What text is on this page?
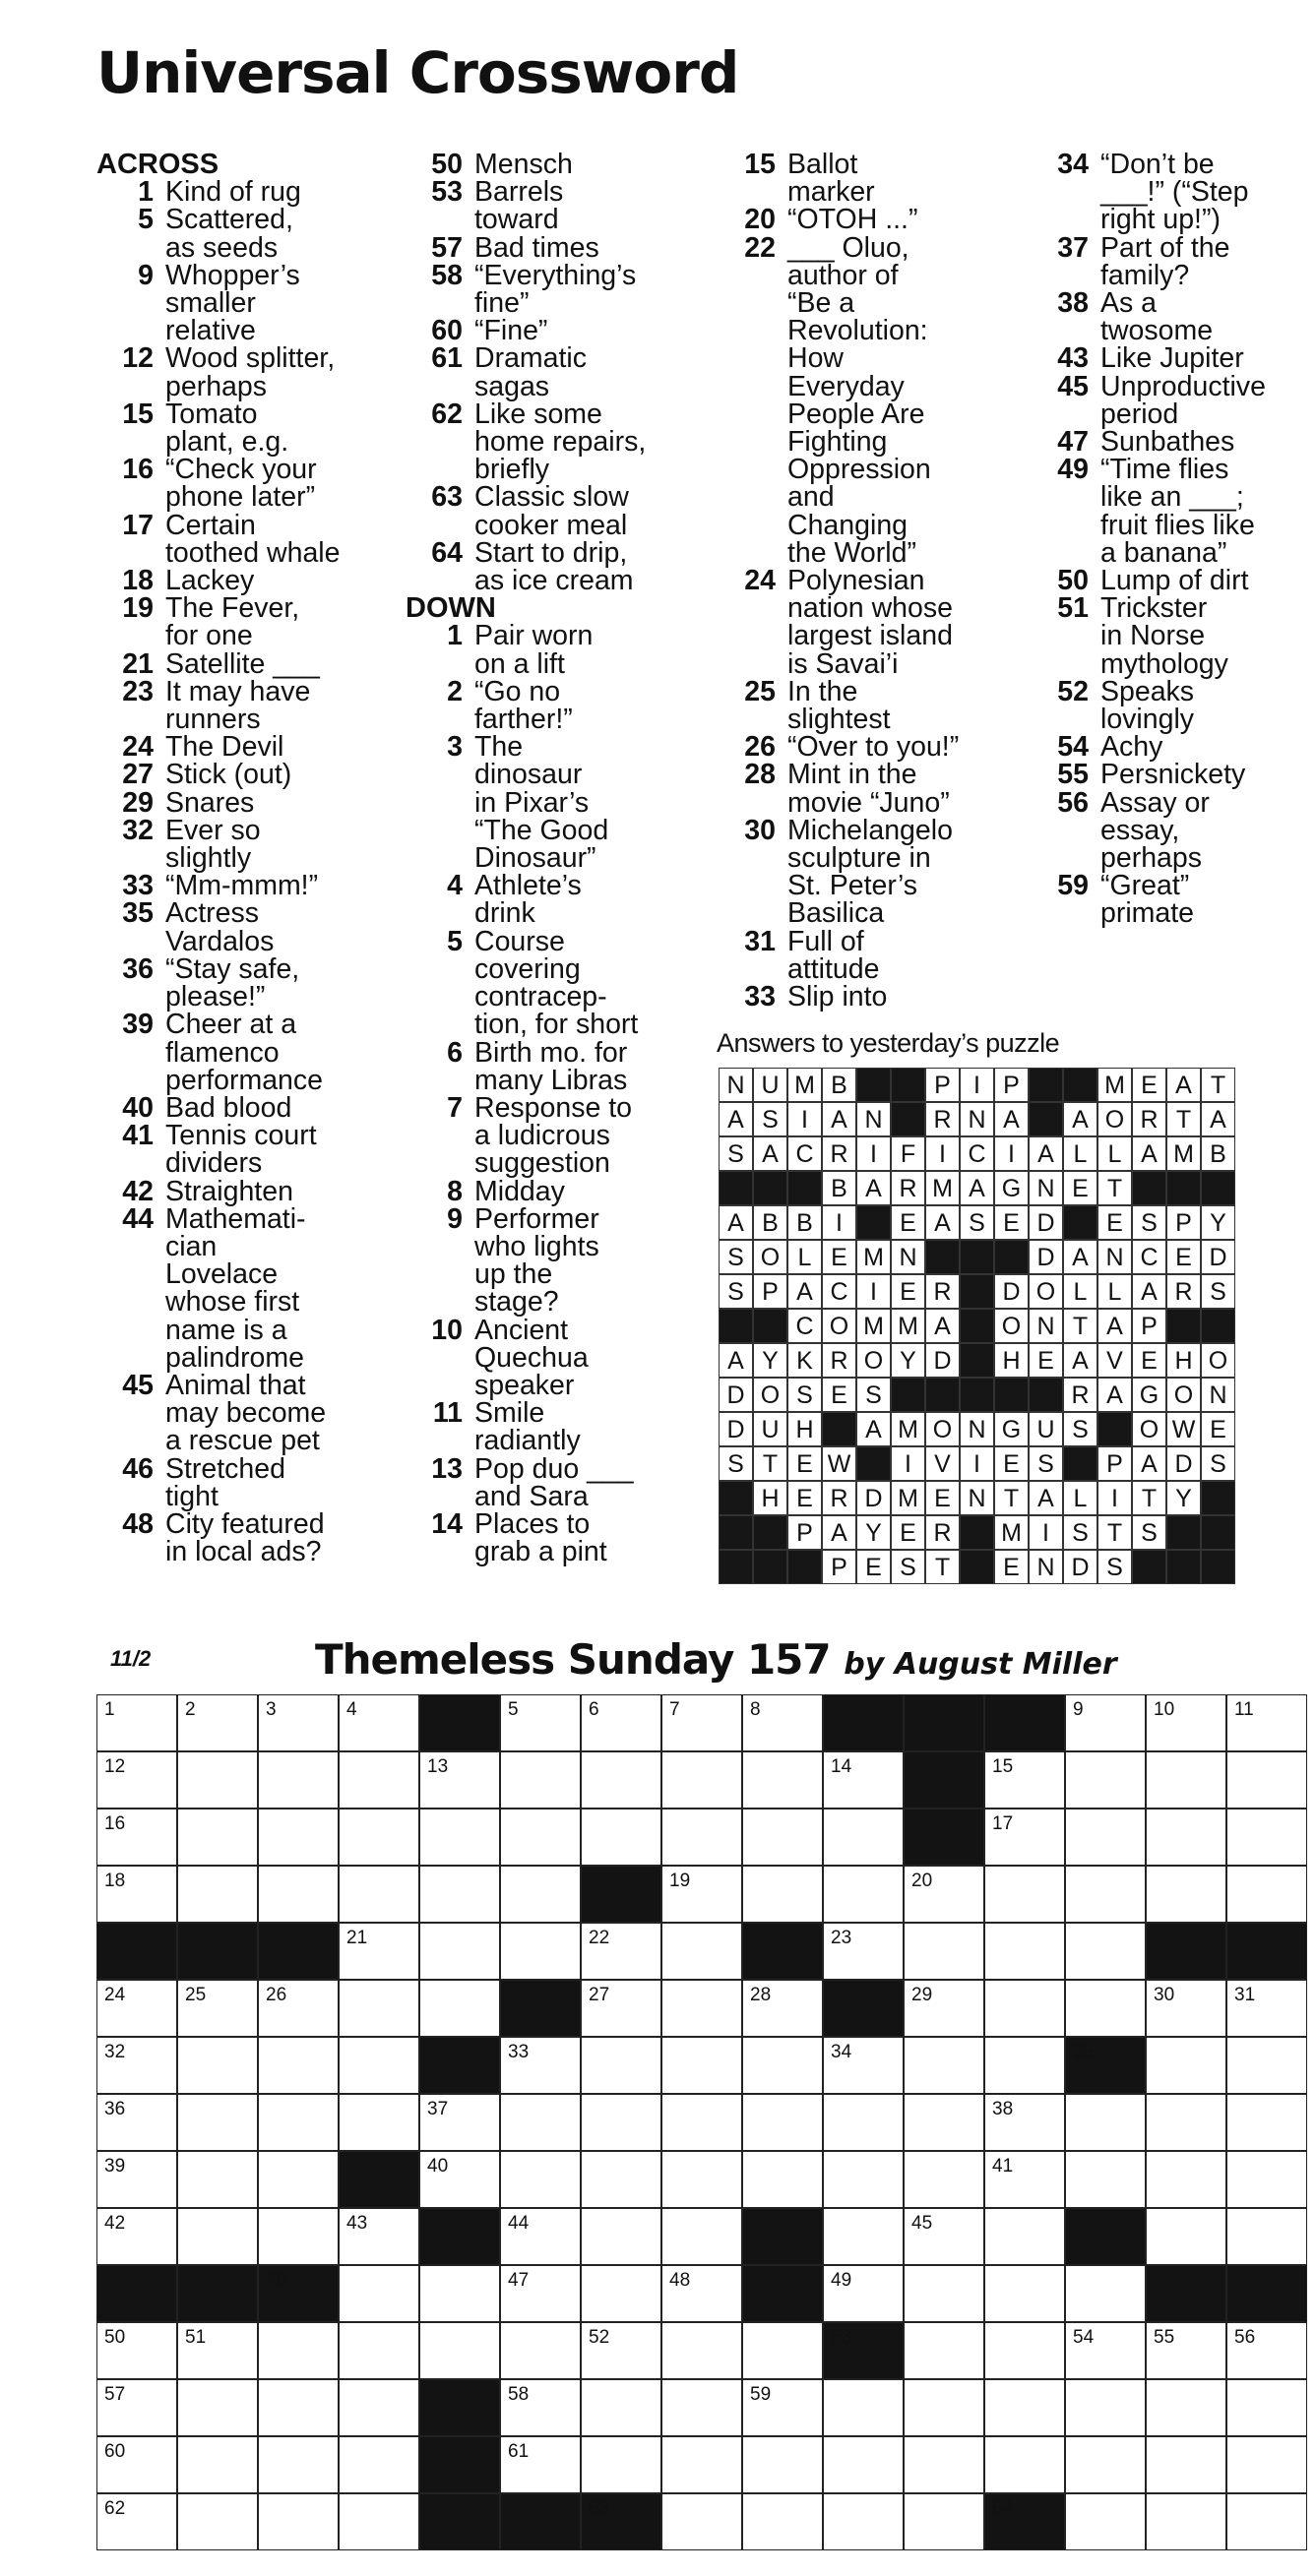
Universal Crossword
ACROSS
1 Kind of rug
5 Scattered,
as seeds
9 Whopper’s
smaller
relative
12 Wood splitter,
perhaps
15 Tomato
plant, e.g.
16 “Check your
phone later”
17 Certain
toothed whale
18 Lackey
19 The Fever,
for one
21 Satellite ___
23 It may have
runners
24 The Devil
27 Stick (out)
29 Snares
32 Ever so
slightly
33 “Mm-mmm!”
35 Actress
Vardalos
36 “Stay safe,
please!”
39 Cheer at a
flamenco
performance
40 Bad blood
41 Tennis court
dividers
42 Straighten
44 Mathemati-
cian
Lovelace
whose first
name is a
palindrome
45 Animal that
may become
a rescue pet
46 Stretched
tight
48 City featured
in local ads?
50 Mensch
53 Barrels
toward
57 Bad times
58 “Everything’s
fine”
60 “Fine”
61 Dramatic
sagas
62 Like some
home repairs,
briefly
63 Classic slow
cooker meal
64 Start to drip,
as ice cream
DOWN
1 Pair worn
on a lift
2 “Go no
farther!”
3 The
dinosaur
in Pixar’s
“The Good
Dinosaur”
4 Athlete’s
drink
5 Course
covering
contracep-
tion, for short
6 Birth mo. for
many Libras
7 Response to
a ludicrous
suggestion
8 Midday
9 Performer
who lights
up the
stage?
10 Ancient
Quechua
speaker
11 Smile
radiantly
13 Pop duo ___
and Sara
14 Places to
grab a pint
15 Ballot
marker
20 “OTOH ...”
22 ___ Oluo,
author of
“Be a
Revolution:
How
Everyday
People Are
Fighting
Oppression
and
Changing
the World”
24 Polynesian
nation whose
largest island
is Savai’i
25 In the
slightest
26 “Over to you!”
28 Mint in the
movie “Juno”
30 Michelangelo
sculpture in
St. Peter’s
Basilica
31 Full of
attitude
33 Slip into
34 “Don’t be
___!” (“Step
right up!”)
37 Part of the
family?
38 As a
twosome
43 Like Jupiter
45 Unproductive
period
47 Sunbathes
49 “Time flies
like an ___;
fruit flies like
a banana”
50 Lump of dirt
51 Trickster
in Norse
mythology
52 Speaks
lovingly
54 Achy
55 Persnickety
56 Assay or
essay,
perhaps
59 “Great”
primate
Answers to yesterday’s puzzle
N U M B	P I P	M E A T
A S I A N	R N A	A O R T A
S A C R I F I C I A L L A M B
B A R M A G N E T
A B B I	E A S E D	E S P Y
S O L E M N	D A N C E D
S P A C I E R	D O L L A R S
C O M M A	O N T A P
A Y K R O Y D	H E A V E H O
D O S E S	R A G O N
D U H	A M O N G U S	O W E
S T E W	I V I E S	P A D S
H E R D M E N T A L I T Y
P A Y E R	M I S T S
P E S T	E N D S
11/2	Themeless Sunday 157 by August Miller
1	2	3	4	5	6	7	8	9	10	11
12	13	14	15
16	17
18	19	20
21	22	23
24	25	26	27	28	29	30	31
32	33	34	35
36	37	38
39	40	41
42	43	44	45
46	47	48	49
50	51	52	53	54	55	56
57	58	59
60	61
62	63	64
